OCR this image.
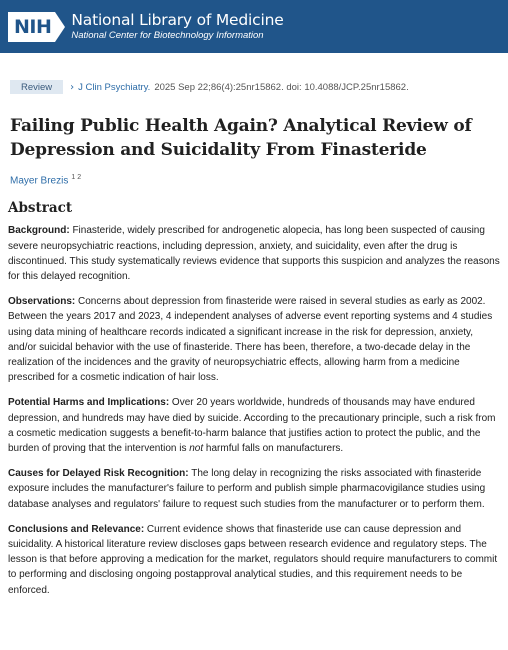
NIH National Library of Medicine
National Center for Biotechnology Information
Review	› J Clin Psychiatry. 2025 Sep 22;86(4):25nr15862. doi: 10.4088/JCP.25nr15862.
Failing Public Health Again? Analytical Review of Depression and Suicidality From Finasteride
Mayer Brezis $^{1 2}$
Abstract

Background: Finasteride, widely prescribed for androgenetic alopecia, has long been suspected of causing severe neuropsychiatric reactions, including depression, anxiety, and suicidality, even after the drug is discontinued. This study systematically reviews evidence that supports this suspicion and analyzes the reasons for this delayed recognition.

Observations: Concerns about depression from finasteride were raised in several studies as early as 2002. Between the years 2017 and 2023, 4 independent analyses of adverse event reporting systems and 4 studies using data mining of healthcare records indicated a significant increase in the risk for depression, anxiety, and/or suicidal behavior with the use of finasteride. There has been, therefore, a two-decade delay in the realization of the incidences and the gravity of neuropsychiatric effects, allowing harm from a medicine prescribed for a cosmetic indication of hair loss.

Potential Harms and Implications: Over 20 years worldwide, hundreds of thousands may have endured depression, and hundreds may have died by suicide. According to the precautionary principle, such a risk from a cosmetic medication suggests a benefit-to-harm balance that justifies action to protect the public, and the burden of proving that the intervention is not harmful falls on manufacturers.

Causes for Delayed Risk Recognition: The long delay in recognizing the risks associated with finasteride exposure includes the manufacturer's failure to perform and publish simple pharmacovigilance studies using database analyses and regulators' failure to request such studies from the manufacturer or to perform them.

Conclusions and Relevance: Current evidence shows that finasteride use can cause depression and suicidality. A historical literature review discloses gaps between research evidence and regulatory steps. The lesson is that before approving a medication for the market, regulators should require manufacturers to commit to performing and disclosing ongoing postapproval analytical studies, and this requirement needs to be enforced.
